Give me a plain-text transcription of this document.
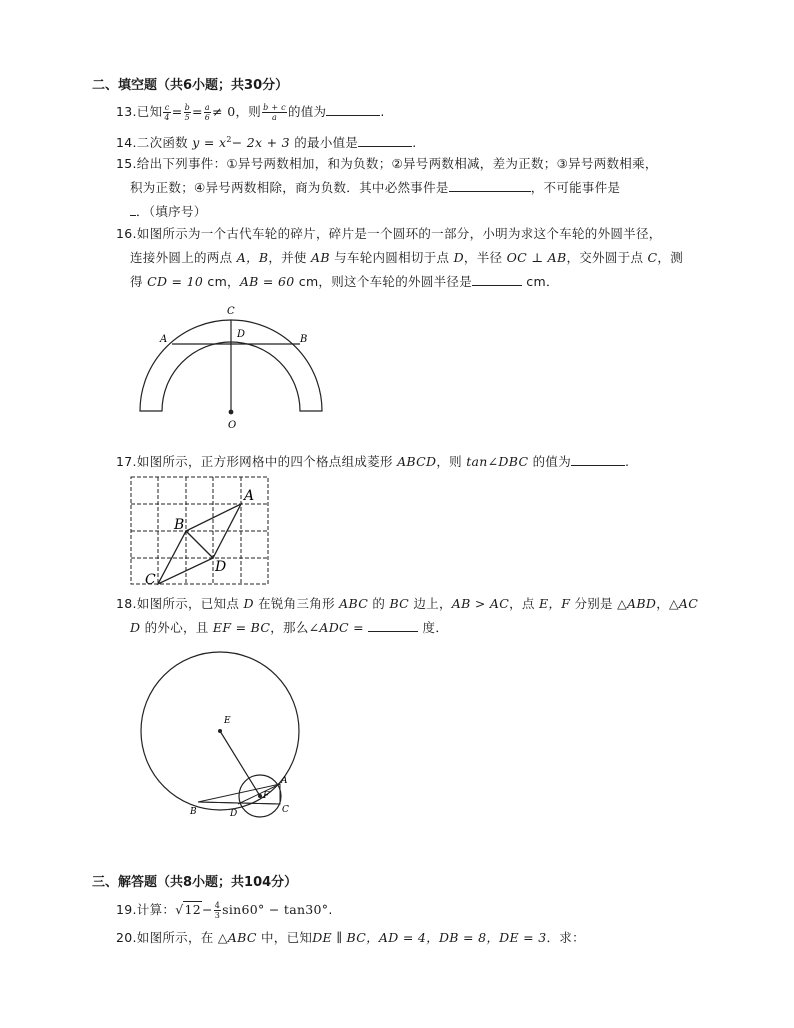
二、填空题（共6小题；共30分）
13.已知 $\frac{c}{4} = \frac{b}{5} = \frac{a}{6} \ne 0$，则 $\frac{b + c}{a}$ 的值为	.
14.二次函数 $y = x^2- 2x + 3$ 的最小值是	.
15.给出下列事件：①异号两数相加，和为负数；②异号两数相减，差为正数；③异号两数相乘，
积为正数；④异号两数相除，商为负数．其中必然事件是	，不可能事件是
．（填序号）
16.如图所示为一个古代车轮的碎片，碎片是一个圆环的一部分，小明为求这个车轮的外圆半径，
连接外圆上的两点 A，B，并使 AB 与车轮内圆相切于点 D，半径 OC ⊥ AB，交外圆于点 C，测
得 CD = 10 cm，AB = 60 cm，则这个车轮的外圆半径是	cm．
C
D
A	B
O
17.如图所示，正方形网格中的四个格点组成菱形 ABCD，则 tan∠DBC 的值为	.
A
B
C
D
18.如图所示，已知点 D 在锐角三角形 ABC 的 BC 边上，AB > AC，点 E，F 分别是 △ABD，△AC
D 的外心，且 EF = BC，那么∠ADC =	度．
E
F
A
B	C
D
三、解答题（共8小题；共104分）
19.计算：$√12- \frac{4}{3} \sin 60^\circ - \tan 30^\circ$.
20.如图所示，在 △ABC 中，已知DE ∥ BC，AD = 4，DB = 8，DE = 3．求：
